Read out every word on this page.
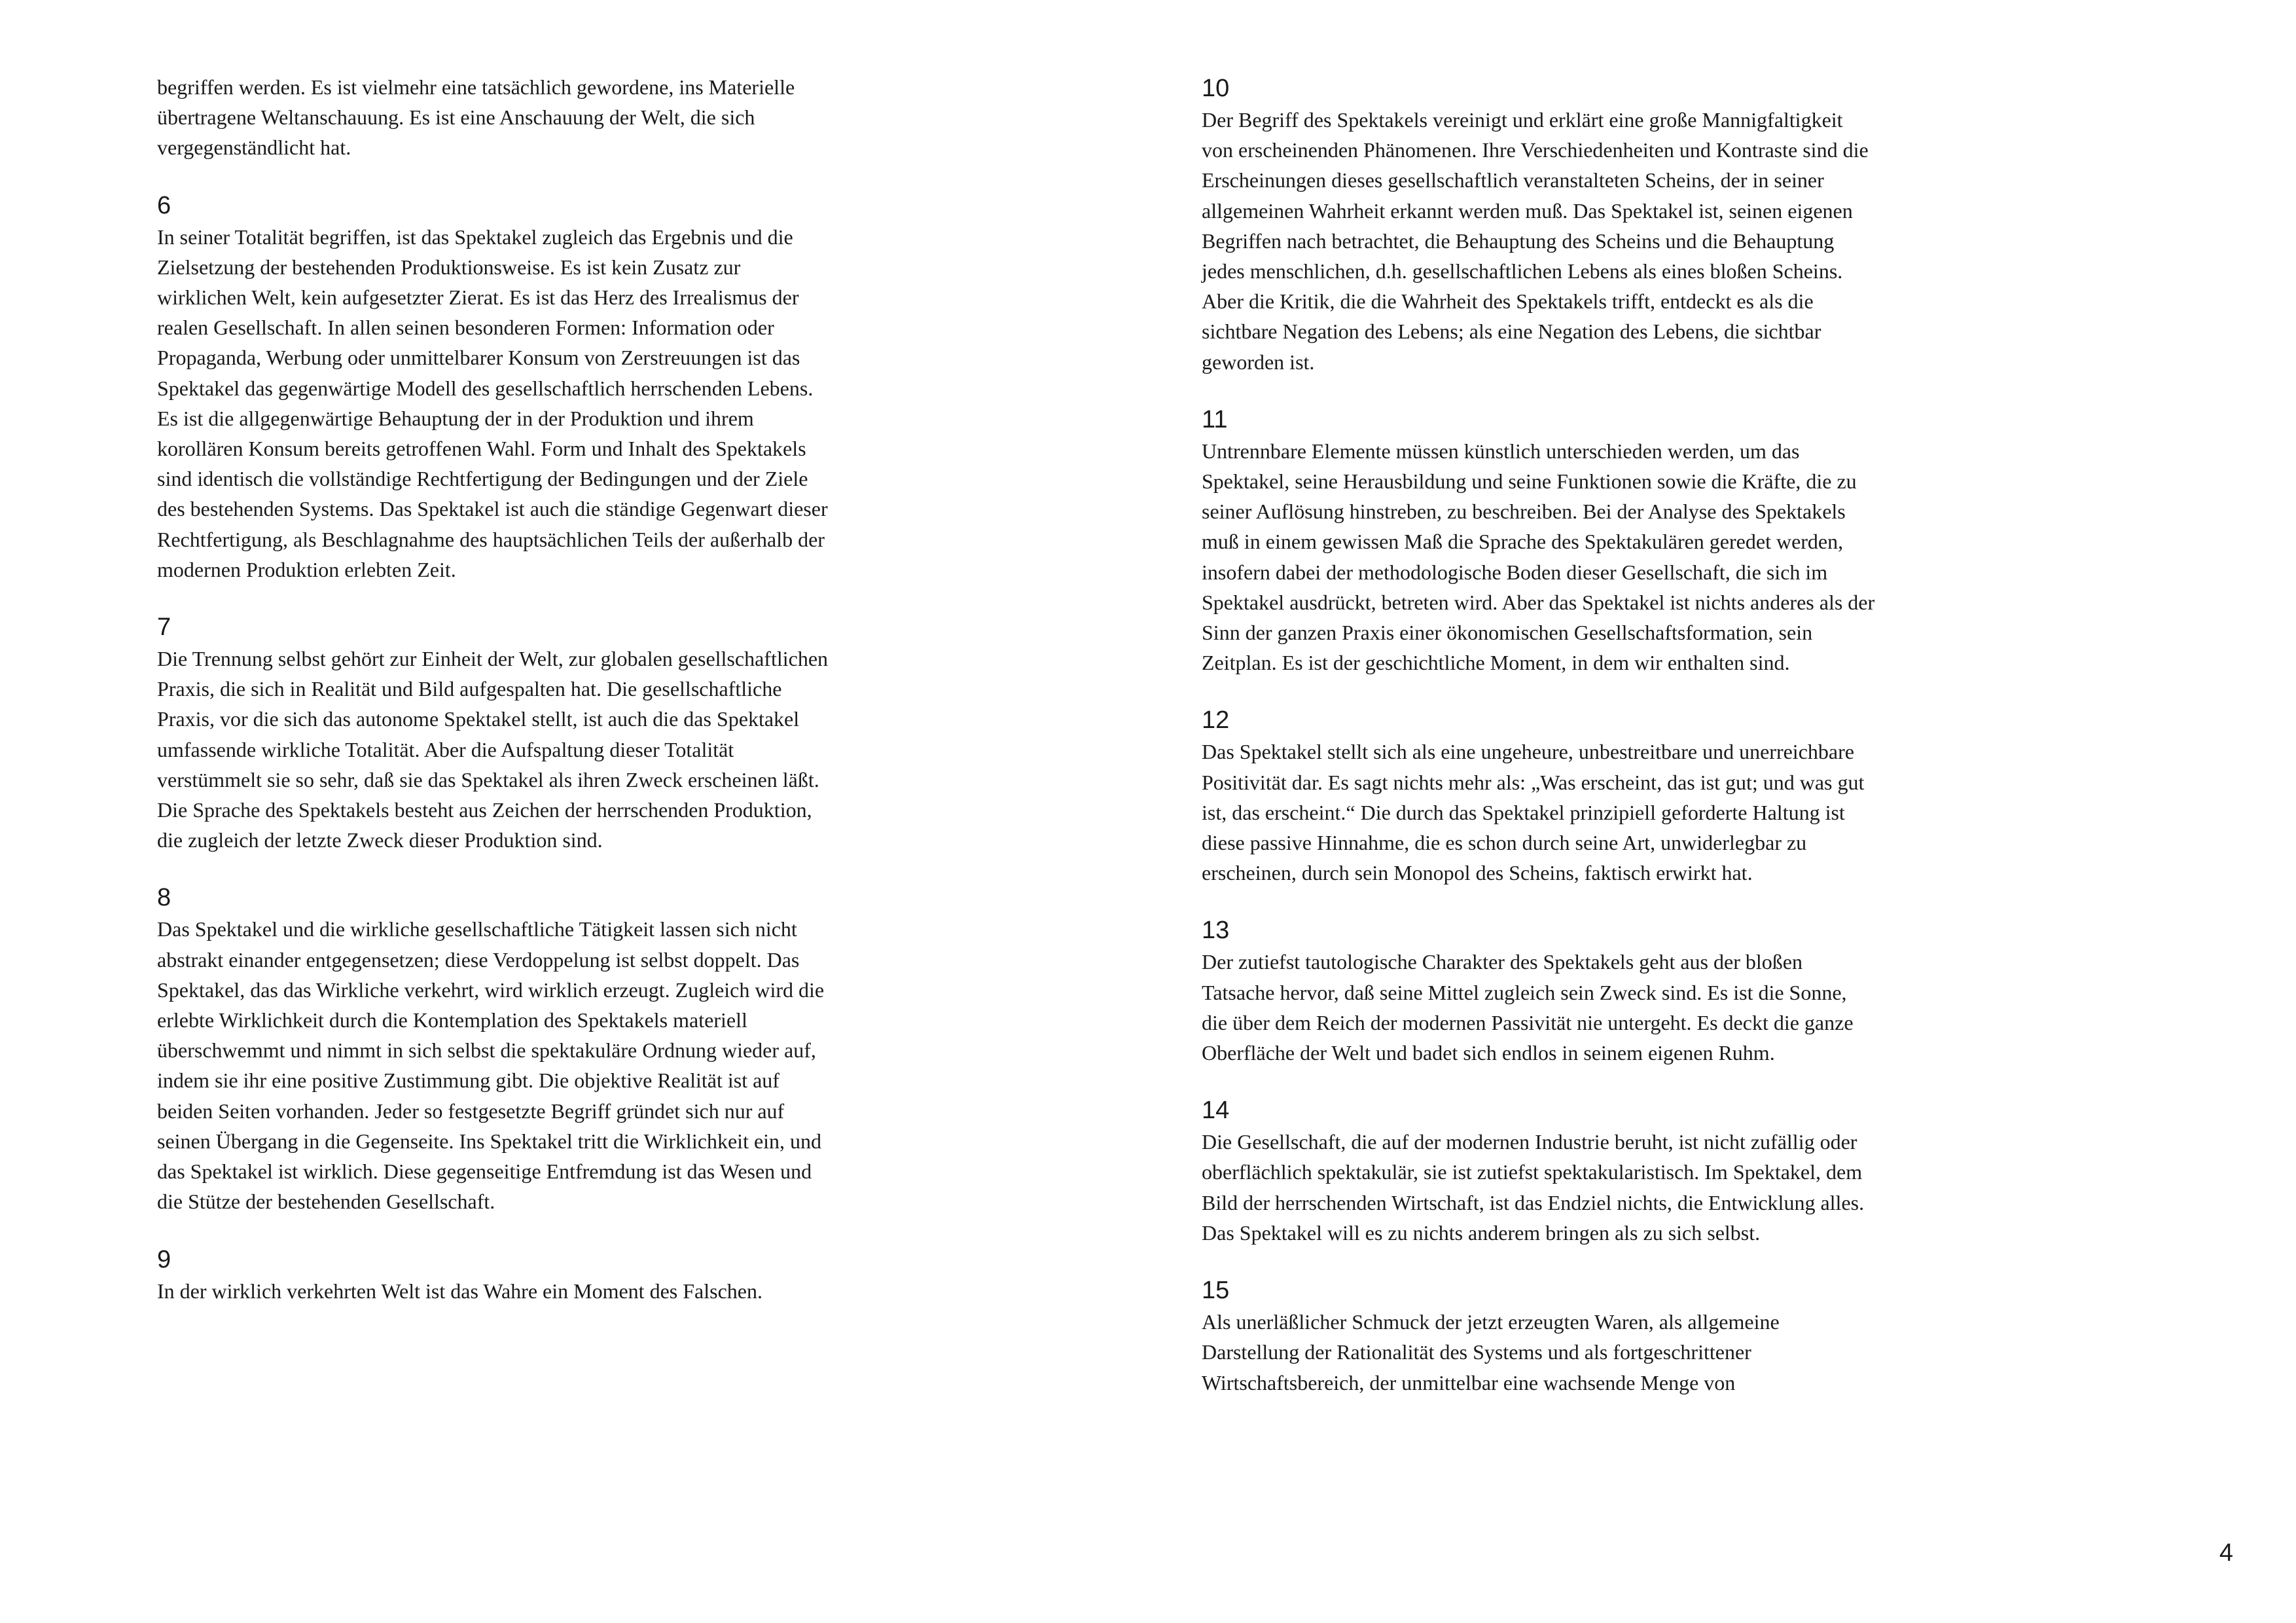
begriffen werden. Es ist vielmehr eine tatsächlich gewordene, ins Materielle übertragene Weltanschauung. Es ist eine Anschauung der Welt, die sich vergegenständlicht hat.

6

In seiner Totalität begriffen, ist das Spektakel zugleich das Ergebnis und die Zielsetzung der bestehenden Produktionsweise. Es ist kein Zusatz zur wirklichen Welt, kein aufgesetzter Zierat. Es ist das Herz des Irrealismus der realen Gesellschaft. In allen seinen besonderen Formen: Information oder Propaganda, Werbung oder unmittelbarer Konsum von Zerstreuungen ist das Spektakel das gegenwärtige Modell des gesellschaftlich herrschenden Lebens. Es ist die allgegenwärtige Behauptung der in der Produktion und ihrem korollären Konsum bereits getroffenen Wahl. Form und Inhalt des Spektakels sind identisch die vollständige Rechtfertigung der Bedingungen und der Ziele des bestehenden Systems. Das Spektakel ist auch die ständige Gegenwart dieser Rechtfertigung, als Beschlagnahme des hauptsächlichen Teils der außerhalb der modernen Produktion erlebten Zeit.

7

Die Trennung selbst gehört zur Einheit der Welt, zur globalen gesellschaftlichen Praxis, die sich in Realität und Bild aufgespalten hat. Die gesellschaftliche Praxis, vor die sich das autonome Spektakel stellt, ist auch die das Spektakel umfassende wirkliche Totalität. Aber die Aufspaltung dieser Totalität verstümmelt sie so sehr, daß sie das Spektakel als ihren Zweck erscheinen läßt. Die Sprache des Spektakels besteht aus Zeichen der herrschenden Produktion, die zugleich der letzte Zweck dieser Produktion sind.

8

Das Spektakel und die wirkliche gesellschaftliche Tätigkeit lassen sich nicht abstrakt einander entgegensetzen; diese Verdoppelung ist selbst doppelt. Das Spektakel, das das Wirkliche verkehrt, wird wirklich erzeugt. Zugleich wird die erlebte Wirklichkeit durch die Kontemplation des Spektakels materiell überschwemmt und nimmt in sich selbst die spektakuläre Ordnung wieder auf, indem sie ihr eine positive Zustimmung gibt. Die objektive Realität ist auf beiden Seiten vorhanden. Jeder so festgesetzte Begriff gründet sich nur auf seinen Übergang in die Gegenseite. Ins Spektakel tritt die Wirklichkeit ein, und das Spektakel ist wirklich. Diese gegenseitige Entfremdung ist das Wesen und die Stütze der bestehenden Gesellschaft.

9

In der wirklich verkehrten Welt ist das Wahre ein Moment des Falschen.

10

Der Begriff des Spektakels vereinigt und erklärt eine große Mannigfaltigkeit von erscheinenden Phänomenen. Ihre Verschiedenheiten und Kontraste sind die Erscheinungen dieses gesellschaftlich veranstalteten Scheins, der in seiner allgemeinen Wahrheit erkannt werden muß. Das Spektakel ist, seinen eigenen Begriffen nach betrachtet, die Behauptung des Scheins und die Behauptung jedes menschlichen, d.h. gesellschaftlichen Lebens als eines bloßen Scheins. Aber die Kritik, die die Wahrheit des Spektakels trifft, entdeckt es als die sichtbare Negation des Lebens; als eine Negation des Lebens, die sichtbar geworden ist.

11

Untrennbare Elemente müssen künstlich unterschieden werden, um das Spektakel, seine Herausbildung und seine Funktionen sowie die Kräfte, die zu seiner Auflösung hinstreben, zu beschreiben. Bei der Analyse des Spektakels muß in einem gewissen Maß die Sprache des Spektakulären geredet werden, insofern dabei der methodologische Boden dieser Gesellschaft, die sich im Spektakel ausdrückt, betreten wird. Aber das Spektakel ist nichts anderes als der Sinn der ganzen Praxis einer ökonomischen Gesellschaftsformation, sein Zeitplan. Es ist der geschichtliche Moment, in dem wir enthalten sind.

12

Das Spektakel stellt sich als eine ungeheure, unbestreitbare und unerreichbare Positivität dar. Es sagt nichts mehr als: „Was erscheint, das ist gut; und was gut ist, das erscheint.“ Die durch das Spektakel prinzipiell geforderte Haltung ist diese passive Hinnahme, die es schon durch seine Art, unwiderlegbar zu erscheinen, durch sein Monopol des Scheins, faktisch erwirkt hat.

13

Der zutiefst tautologische Charakter des Spektakels geht aus der bloßen Tatsache hervor, daß seine Mittel zugleich sein Zweck sind. Es ist die Sonne, die über dem Reich der modernen Passivität nie untergeht. Es deckt die ganze Oberfläche der Welt und badet sich endlos in seinem eigenen Ruhm.

14

Die Gesellschaft, die auf der modernen Industrie beruht, ist nicht zufällig oder oberflächlich spektakulär, sie ist zutiefst spektakularistisch. Im Spektakel, dem Bild der herrschenden Wirtschaft, ist das Endziel nichts, die Entwicklung alles. Das Spektakel will es zu nichts anderem bringen als zu sich selbst.

15

Als unerläßlicher Schmuck der jetzt erzeugten Waren, als allgemeine Darstellung der Rationalität des Systems und als fortgeschrittener Wirtschaftsbereich, der unmittelbar eine wachsende Menge von

4
